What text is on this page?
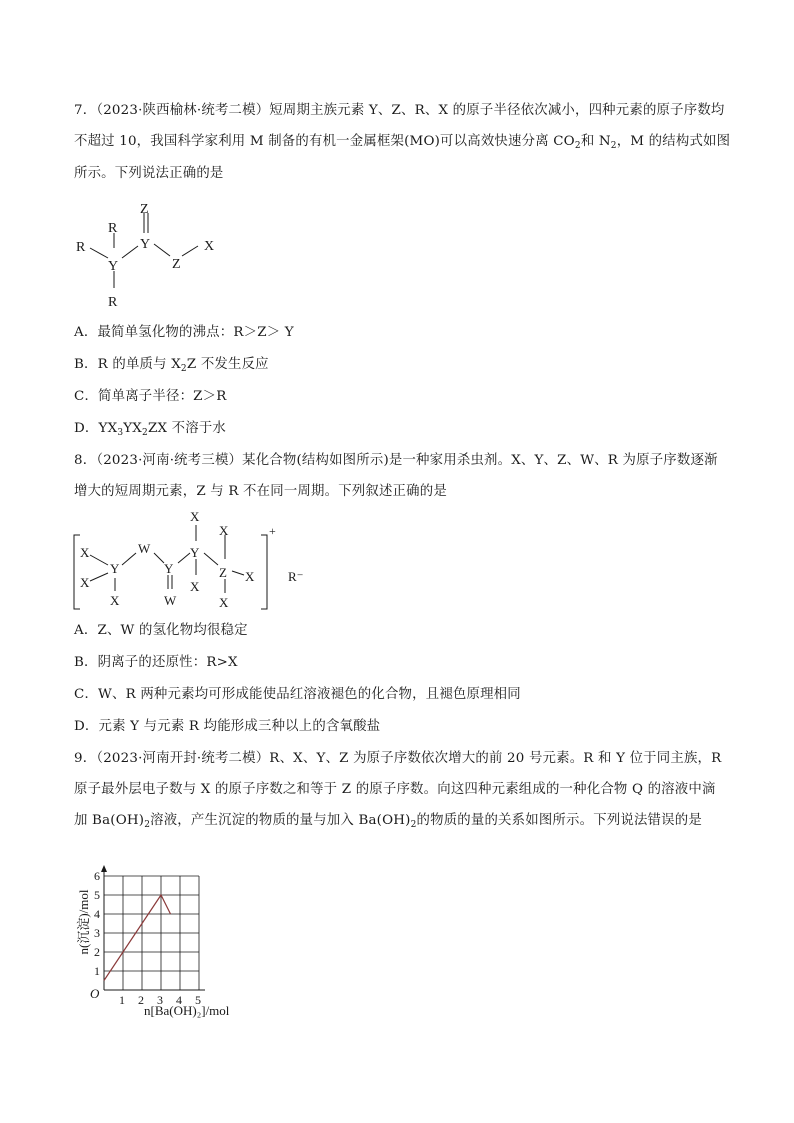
7．（2023·陕西榆林·统考二模）短周期主族元素 Y、Z、R、X 的原子半径依次减小，四种元素的原子序数均
不超过 10，我国科学家利用 M 制备的有机一金属框架(MO)可以高效快速分离 $CO_2$和 $N_2$，M 的结构式如图
所示。下列说法正确的是
R
R
Y
R
Z
Y
Z
X
A．最简单氢化物的沸点：R＞Z＞ Y
B．R 的单质与 $X_2Z$ 不发生反应
C．简单离子半径：Z＞R
D．$YX_3YX_2ZX$ 不溶于水
8．（2023·河南·统考三模）某化合物(结构如图所示)是一种家用杀虫剂。X、Y、Z、W、R 为原子序数逐渐
增大的短周期元素，Z 与 R 不在同一周期。下列叙述正确的是
X
X
Y
X
W
Y
W
X
Y
X
X
Z X
X
+
R⁻
A．Z、W 的氢化物均很稳定
B．阴离子的还原性：R>X
C．W、R 两种元素均可形成能使品红溶液褪色的化合物，且褪色原理相同
D．元素 Y 与元素 R 均能形成三种以上的含氧酸盐
9．（2023·河南开封·统考二模）R、X、Y、Z 为原子序数依次增大的前 20 号元素。R 和 Y 位于同主族，R
原子最外层电子数与 X 的原子序数之和等于 Z 的原子序数。向这四种元素组成的一种化合物 Q 的溶液中滴
加 $Ba(OH)_2$溶液，产生沉淀的物质的量与加入 $Ba(OH)_2$的物质的量的关系如图所示。下列说法错误的是
1 2 3 4 5
1
2
3
4
5
6
O
n[Ba(OH)₂]/mol
n(沉淀)/mol
